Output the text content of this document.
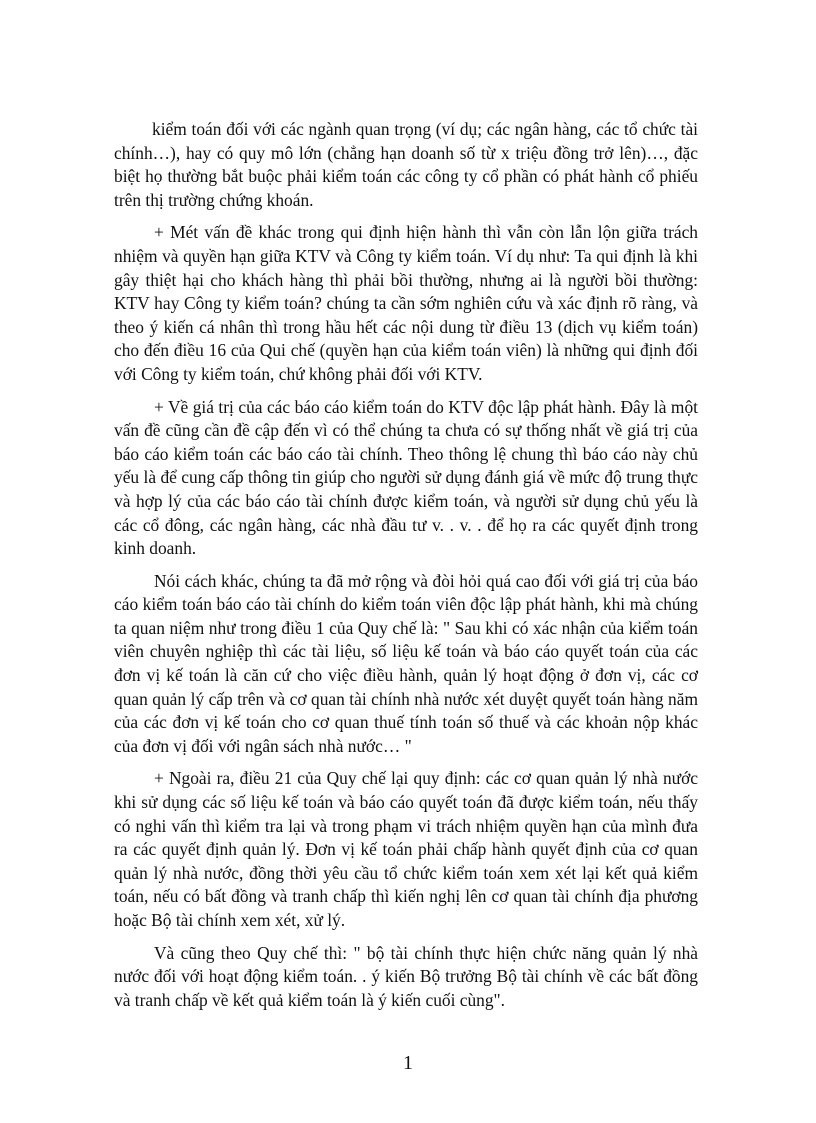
kiểm toán đối với các ngành quan trọng (ví dụ; các ngân hàng, các tổ chức tài chính…), hay có quy mô lớn (chẳng hạn doanh số từ x triệu đồng trở lên)…, đặc biệt họ thường bắt buộc phải kiểm toán các công ty cổ phần có phát hành cổ phiếu trên thị trường chứng khoán.

+ Mét vấn đề khác trong qui định hiện hành thì vẫn còn lẫn lộn giữa trách nhiệm và quyền hạn giữa KTV và Công ty kiểm toán. Ví dụ như: Ta qui định là khi gây thiệt hại cho khách hàng thì phải bồi thường, nhưng ai là người bồi thường: KTV hay Công ty kiểm toán? chúng ta cần sớm nghiên cứu và xác định rõ ràng, và theo ý kiến cá nhân thì trong hầu hết các nội dung từ điều 13 (dịch vụ kiểm toán) cho đến điều 16 của Qui chế (quyền hạn của kiểm toán viên) là những qui định đối với Công ty kiểm toán, chứ không phải đối với KTV.

+ Về giá trị của các báo cáo kiểm toán do KTV độc lập phát hành. Đây là một vấn đề cũng cần đề cập đến vì có thể chúng ta chưa có sự thống nhất về giá trị của báo cáo kiểm toán các báo cáo tài chính. Theo thông lệ chung thì báo cáo này chủ yếu là để cung cấp thông tin giúp cho người sử dụng đánh giá về mức độ trung thực và hợp lý của các báo cáo tài chính được kiểm toán, và người sử dụng chủ yếu là các cổ đông, các ngân hàng, các nhà đầu tư v. . v. . để họ ra các quyết định trong kinh doanh.

Nói cách khác, chúng ta đã mở rộng và đòi hỏi quá cao đối với giá trị của báo cáo kiểm toán báo cáo tài chính do kiểm toán viên độc lập phát hành, khi mà chúng ta quan niệm như trong điều 1 của Quy chế là: " Sau khi có xác nhận của kiểm toán viên chuyên nghiệp thì các tài liệu, số liệu kế toán và báo cáo quyết toán của các đơn vị kế toán là căn cứ cho việc điều hành, quản lý hoạt động ở đơn vị, các cơ quan quản lý cấp trên và cơ quan tài chính nhà nước xét duyệt quyết toán hàng năm của các đơn vị kế toán cho cơ quan thuế tính toán số thuế và các khoản nộp khác của đơn vị đối với ngân sách nhà nước… "

+ Ngoài ra, điều 21 của Quy chế lại quy định: các cơ quan quản lý nhà nước khi sử dụng các số liệu kế toán và báo cáo quyết toán đã được kiểm toán, nếu thấy có nghi vấn thì kiểm tra lại và trong phạm vi trách nhiệm quyền hạn của mình đưa ra các quyết định quản lý. Đơn vị kế toán phải chấp hành quyết định của cơ quan quản lý nhà nước, đồng thời yêu cầu tổ chức kiểm toán xem xét lại kết quả kiểm toán, nếu có bất đồng và tranh chấp thì kiến nghị lên cơ quan tài chính địa phương hoặc Bộ tài chính xem xét, xử lý.

Và cũng theo Quy chế thì: " bộ tài chính thực hiện chức năng quản lý nhà nước đối với hoạt động kiểm toán. . ý kiến Bộ trưởng Bộ tài chính về các bất đồng và tranh chấp về kết quả kiểm toán là ý kiến cuối cùng".

1
